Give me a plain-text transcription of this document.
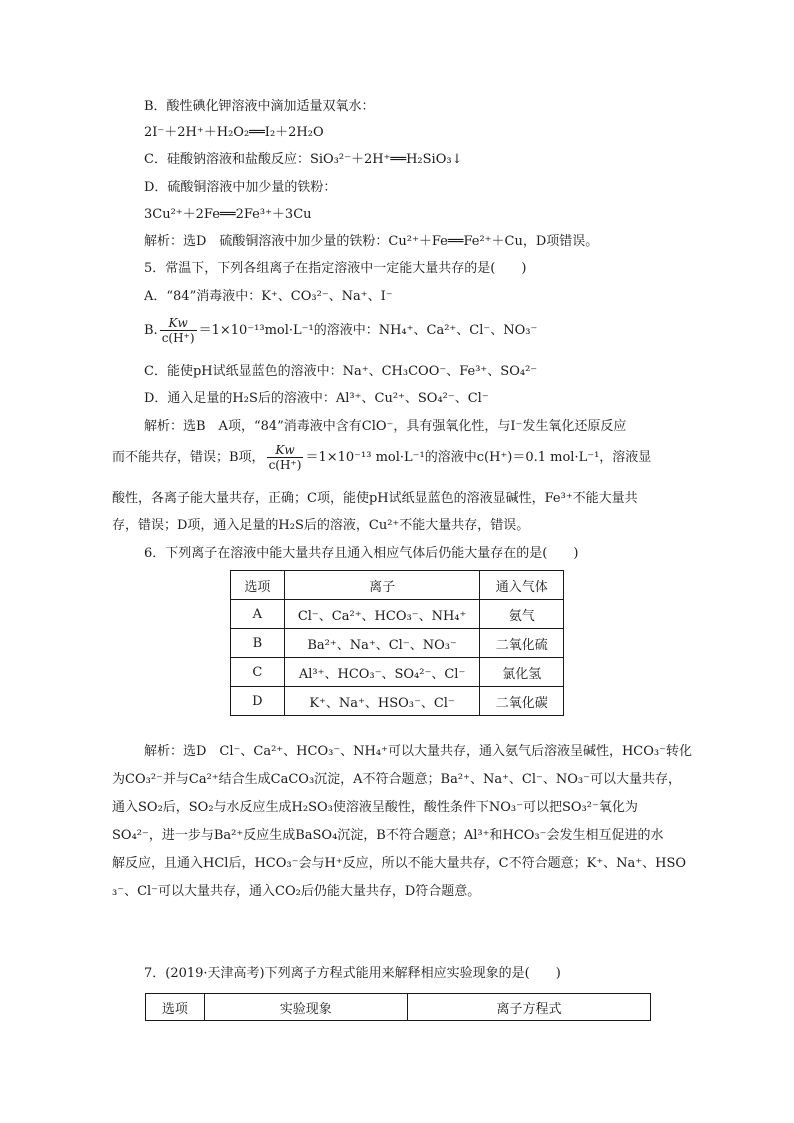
B．酸性碘化钾溶液中滴加适量双氧水：
2I⁻＋2H⁺＋H₂O₂══I₂＋2H₂O
C．硅酸钠溶液和盐酸反应：SiO₃²⁻＋2H⁺══H₂SiO₃↓
D．硫酸铜溶液中加少量的铁粉：
3Cu²⁺＋2Fe══2Fe³⁺＋3Cu
解析：选D　硫酸铜溶液中加少量的铁粉：Cu²⁺＋Fe══Fe²⁺＋Cu，D项错误。
5．常温下，下列各组离子在指定溶液中一定能大量共存的是(　　)
A．“84”消毒液中：K⁺、CO₃²⁻、Na⁺、I⁻
B. $\frac{Kw}{c(H^+)} =1\times 10^{-13}mol\cdot L^{-1}$的溶液中：NH₄⁺、Ca²⁺、Cl⁻、NO₃⁻
C．能使pH试纸显蓝色的溶液中：Na⁺、CH₃COO⁻、Fe³⁺、SO₄²⁻
D．通入足量的H₂S后的溶液中：Al³⁺、Cu²⁺、SO₄²⁻、Cl⁻
解析：选B　A项，“84”消毒液中含有ClO⁻，具有强氧化性，与I⁻发生氧化还原反应
而不能共存，错误；B项， $\frac{Kw}{c(H^+)} =1\times 10^{-13}$ mol·L⁻¹的溶液中c(H⁺)＝0.1 mol·L⁻¹，溶液显
酸性，各离子能大量共存，正确；C项，能使pH试纸显蓝色的溶液显碱性，Fe³⁺不能大量共
存，错误；D项，通入足量的H₂S后的溶液，Cu²⁺不能大量共存，错误。
6．下列离子在溶液中能大量共存且通入相应气体后仍能大量存在的是(　　)
选项	离子	通入气体
A	Cl⁻、Ca²⁺、HCO₃⁻、NH₄⁺	氨气
B	Ba²⁺、Na⁺、Cl⁻、NO₃⁻	二氧化硫
C	Al³⁺、HCO₃⁻、SO₄²⁻、Cl⁻	氯化氢
D	K⁺、Na⁺、HSO₃⁻、Cl⁻	二氧化碳
解析：选D　Cl⁻、Ca²⁺、HCO₃⁻、NH₄⁺可以大量共存，通入氨气后溶液呈碱性，HCO₃⁻转化
为CO₃²⁻并与Ca²⁺结合生成CaCO₃沉淀，A不符合题意；Ba²⁺、Na⁺、Cl⁻、NO₃⁻可以大量共存，
通入SO₂后，SO₂与水反应生成H₂SO₃使溶液呈酸性，酸性条件下NO₃⁻可以把SO₃²⁻氧化为
SO₄²⁻，进一步与Ba²⁺反应生成BaSO₄沉淀，B不符合题意；Al³⁺和HCO₃⁻会发生相互促进的水
解反应，且通入HCl后，HCO₃⁻会与H⁺反应，所以不能大量共存，C不符合题意；K⁺、Na⁺、HSO
₃⁻、Cl⁻可以大量共存，通入CO₂后仍能大量共存，D符合题意。
7．(2019·天津高考)下列离子方程式能用来解释相应实验现象的是(　　)
选项	实验现象	离子方程式
